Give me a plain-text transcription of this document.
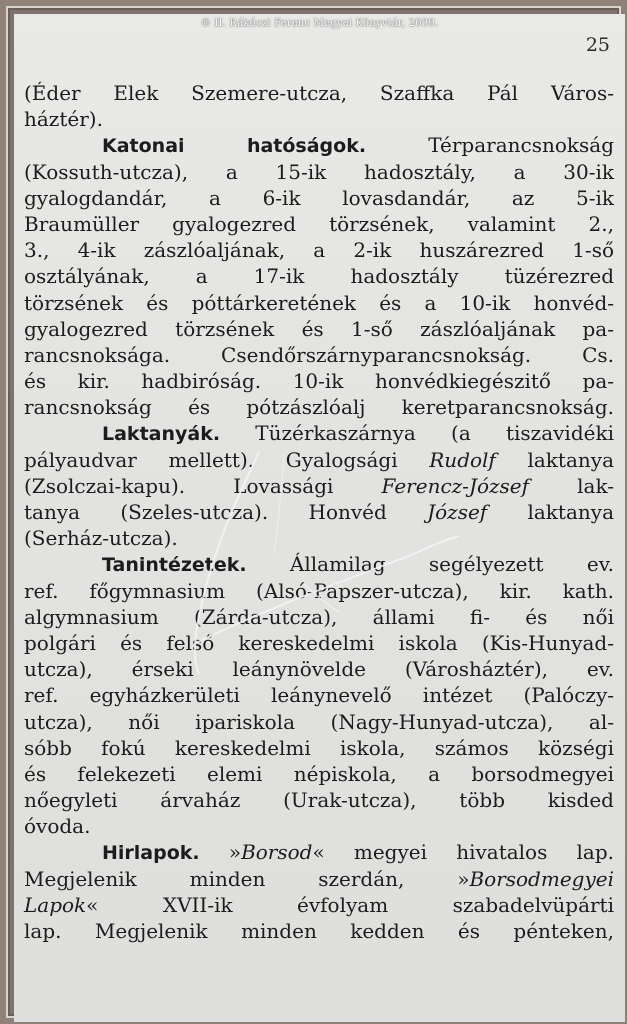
© II. Rákóczi Ferenc Megyei Könyvtár, 2009.
25
(Éder Elek Szemere-utcza, Szaffka Pál Város-
háztér).
Katonai hatóságok. Térparancsnokság
(Kossuth-utcza), a 15-ik hadosztály, a 30-ik
gyalogdandár, a 6-ik lovasdandár, az 5-ik
Braumüller gyalogezred törzsének, valamint 2.,
3., 4-ik zászlóaljának, a 2-ik huszárezred 1-ső
osztályának, a 17-ik hadosztály tüzérezred
törzsének és póttárkeretének és a 10-ik honvéd-
gyalogezred törzsének és 1-ső zászlóaljának pa-
rancsnoksága. Csendőrszárnyparancsnokság. Cs.
és kir. hadbiróság. 10-ik honvédkiegészitő pa-
rancsnokság és pótzászlóalj keretparancsnokság.
Laktanyák. Tüzérkaszárnya (a tiszavidéki
pályaudvar mellett). Gyalogsági Rudolf laktanya
(Zsolczai-kapu). Lovassági Ferencz-József lak-
tanya (Szeles-utcza). Honvéd József laktanya
(Serház-utcza).
Tanintézetek. Államilag segélyezett ev.
ref. főgymnasium (Alsó-Papszer-utcza), kir. kath.
algymnasium (Zárda-utcza), állami fi- és női
polgári és felső kereskedelmi iskola (Kis-Hunyad-
utcza), érseki leánynövelde (Városháztér), ev.
ref. egyházkerületi leánynevelő intézet (Palóczy-
utcza), női ipariskola (Nagy-Hunyad-utcza), al-
sóbb fokú kereskedelmi iskola, számos községi
és felekezeti elemi népiskola, a borsodmegyei
nőegyleti árvaház (Urak-utcza), több kisded
óvoda.
Hirlapok. »Borsod« megyei hivatalos lap.
Megjelenik minden szerdán, »Borsodmegyei
Lapok« XVII-ik évfolyam szabadelvüpárti
lap. Megjelenik minden kedden és pénteken,
